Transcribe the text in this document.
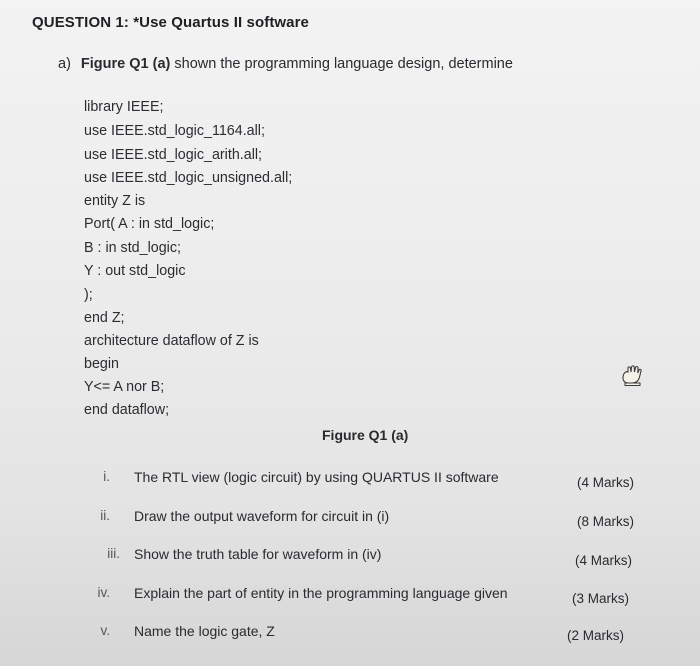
QUESTION 1: *Use Quartus II software
a) Figure Q1 (a) shown the programming language design, determine
library IEEE;
use IEEE.std_logic_1164.all;
use IEEE.std_logic_arith.all;
use IEEE.std_logic_unsigned.all;
entity Z is
Port( A : in std_logic;
B : in std_logic;
Y : out std_logic
);
end Z;
architecture dataflow of Z is
begin
Y<= A nor B;
end dataflow;
Figure Q1 (a)
i. The RTL view (logic circuit) by using QUARTUS II software	(4 Marks)
ii. Draw the output waveform for circuit in (i)	(8 Marks)
iii. Show the truth table for waveform in (iv)	(4 Marks)
iv. Explain the part of entity in the programming language given	(3 Marks)
v. Name the logic gate, Z	(2 Marks)
